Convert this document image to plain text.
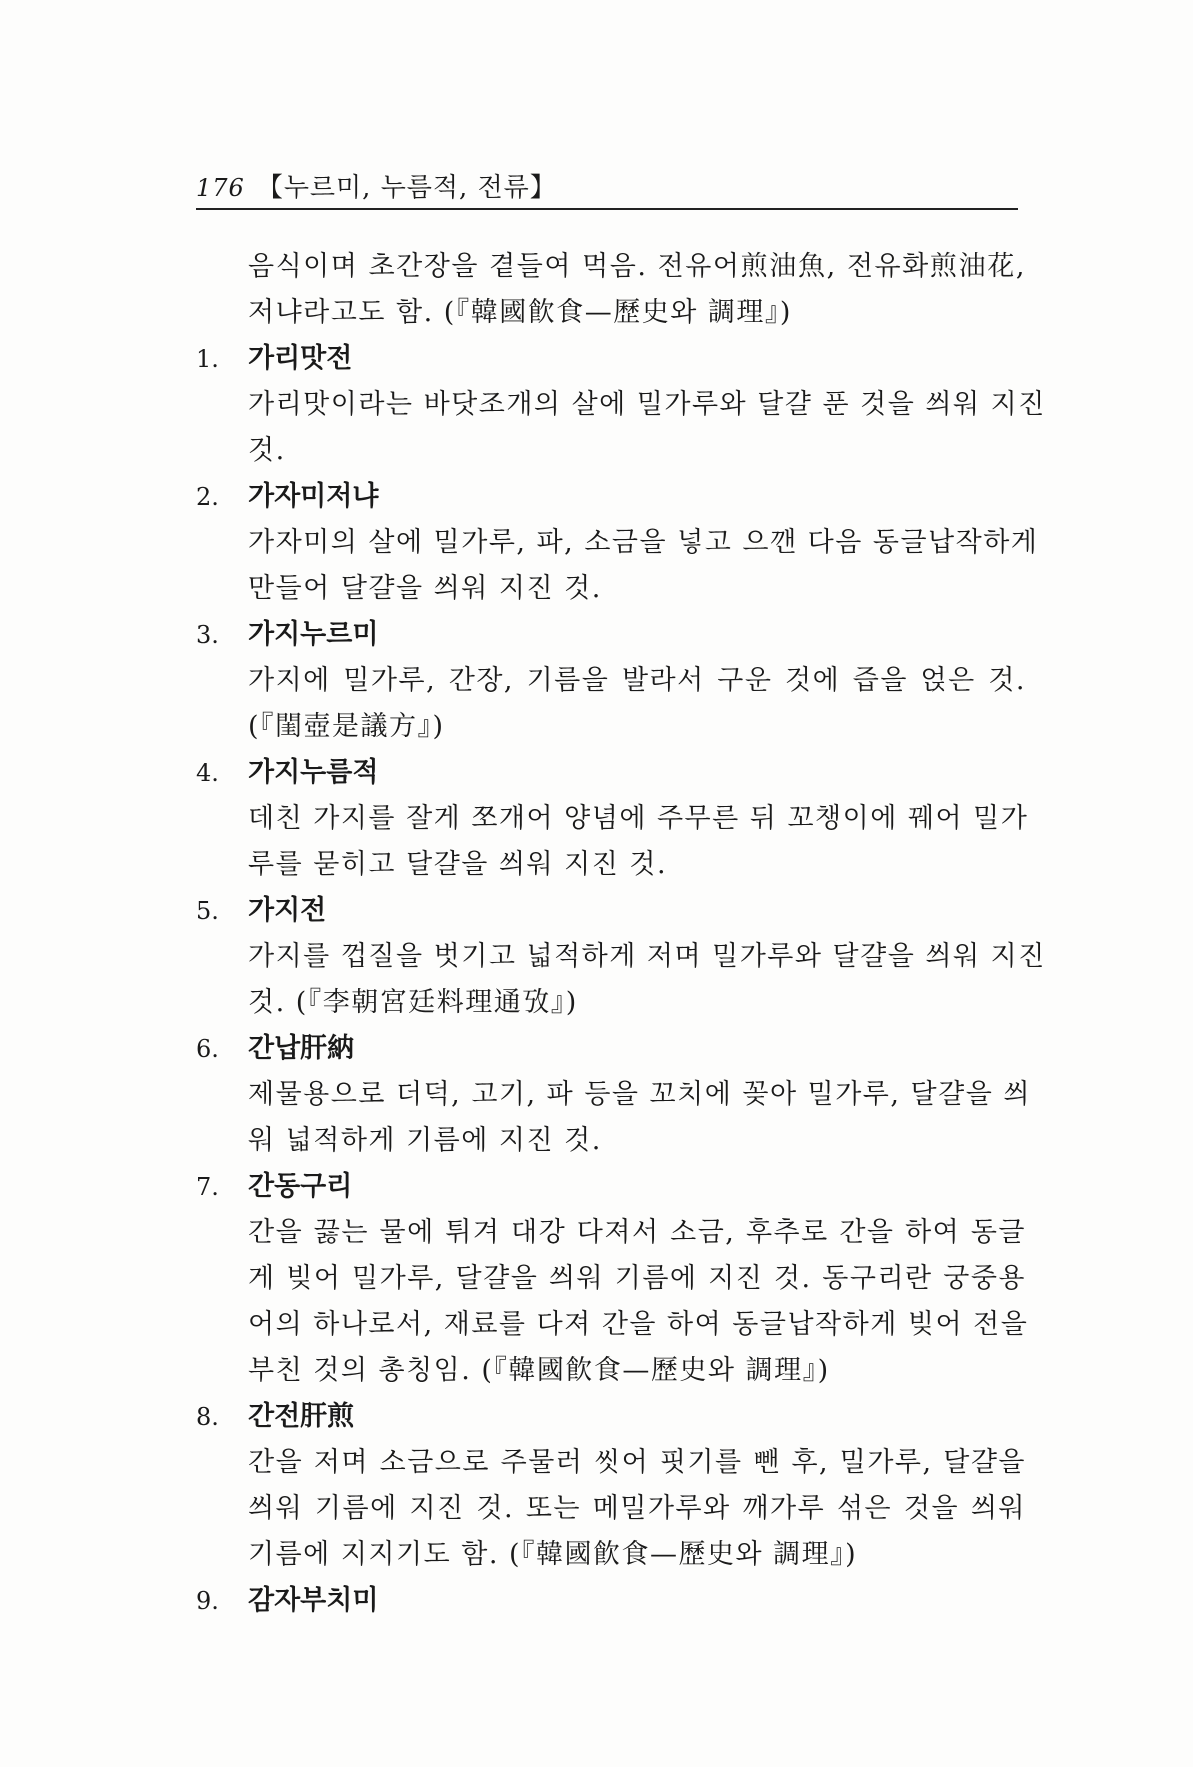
176 【누르미, 누름적, 전류】
음식이며 초간장을 곁들여 먹음. 전유어煎油魚, 전유화煎油花,
저냐라고도 함. (『韓國飮食—歷史와 調理』)
1. 가리맛전
가리맛이라는 바닷조개의 살에 밀가루와 달걀 푼 것을 씌워 지진
것.
2. 가자미저냐
가자미의 살에 밀가루, 파, 소금을 넣고 으깬 다음 동글납작하게
만들어 달걀을 씌워 지진 것.
3. 가지누르미
가지에 밀가루, 간장, 기름을 발라서 구운 것에 즙을 얹은 것.
(『閨壺是議方』)
4. 가지누름적
데친 가지를 잘게 쪼개어 양념에 주무른 뒤 꼬챙이에 꿰어 밀가
루를 묻히고 달걀을 씌워 지진 것.
5. 가지전
가지를 껍질을 벗기고 넓적하게 저며 밀가루와 달걀을 씌워 지진
것. (『李朝宮廷料理通攷』)
6. 간납肝納
제물용으로 더덕, 고기, 파 등을 꼬치에 꽂아 밀가루, 달걀을 씌
워 넓적하게 기름에 지진 것.
7. 간동구리
간을 끓는 물에 튀겨 대강 다져서 소금, 후추로 간을 하여 동글
게 빚어 밀가루, 달걀을 씌워 기름에 지진 것. 동구리란 궁중용
어의 하나로서, 재료를 다져 간을 하여 동글납작하게 빚어 전을
부친 것의 총칭임. (『韓國飮食—歷史와 調理』)
8. 간전肝煎
간을 저며 소금으로 주물러 씻어 핏기를 뺀 후, 밀가루, 달걀을
씌워 기름에 지진 것. 또는 메밀가루와 깨가루 섞은 것을 씌워
기름에 지지기도 함. (『韓國飮食—歷史와 調理』)
9. 감자부치미
